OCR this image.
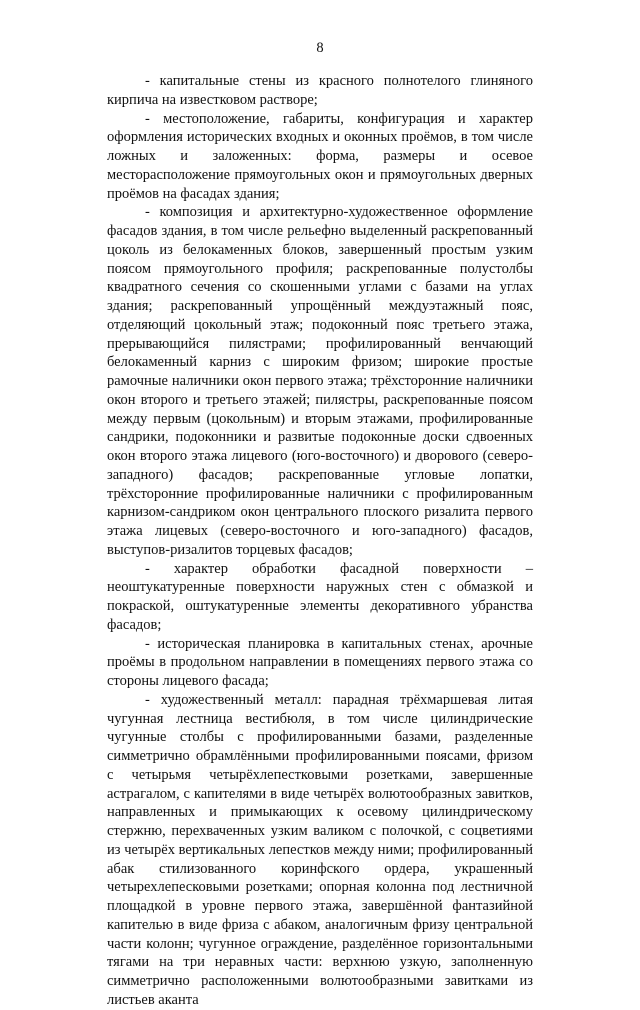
8

- капитальные стены из красного полнотелого глиняного кирпича на известковом растворе;

- местоположение, габариты, конфигурация и характер оформления исторических входных и оконных проёмов, в том числе ложных и заложенных: форма, размеры и осевое месторасположение прямоугольных окон и прямоугольных дверных проёмов на фасадах здания;

- композиция и архитектурно-художественное оформление фасадов здания, в том числе рельефно выделенный раскрепованный цоколь из белокаменных блоков, завершенный простым узким поясом прямоугольного профиля; раскрепованные полустолбы квадратного сечения со скошенными углами с базами на углах здания; раскрепованный упрощённый междуэтажный пояс, отделяющий цокольный этаж; подоконный пояс третьего этажа, прерывающийся пилястрами; профилированный венчающий белокаменный карниз с широким фризом; широкие простые рамочные наличники окон первого этажа; трёхсторонние наличники окон второго и третьего этажей; пилястры, раскрепованные поясом между первым (цокольным) и вторым этажами, профилированные сандрики, подоконники и развитые подоконные доски сдвоенных окон второго этажа лицевого (юго-восточного) и дворового (северо-западного) фасадов; раскрепованные угловые лопатки, трёхсторонние профилированные наличники с профилированным карнизом-сандриком окон центрального плоского ризалита первого этажа лицевых (северо-восточного и юго-западного) фасадов, выступов-ризалитов торцевых фасадов;

- характер обработки фасадной поверхности – неоштукатуренные поверхности наружных стен с обмазкой и покраской, оштукатуренные элементы декоративного убранства фасадов;

- историческая планировка в капитальных стенах, арочные проёмы в продольном направлении в помещениях первого этажа со стороны лицевого фасада;

- художественный металл: парадная трёхмаршевая литая чугунная лестница вестибюля, в том числе цилиндрические чугунные столбы с профилированными базами, разделенные симметрично обрамлёнными профилированными поясами, фризом с четырьмя четырёхлепестковыми розетками, завершенные астрагалом, с капителями в виде четырёх волютообразных завитков, направленных и примыкающих к осевому цилиндрическому стержню, перехваченных узким валиком с полочкой, с соцветиями из четырёх вертикальных лепестков между ними; профилированный абак стилизованного коринфского ордера, украшенный четырехлепесковыми розетками; опорная колонна под лестничной площадкой в уровне первого этажа, завершённой фантазийной капителью в виде фриза с абаком, аналогичным фризу центральной части колонн; чугунное ограждение, разделённое горизонтальными тягами на три неравных части: верхнюю узкую, заполненную симметрично расположенными волютообразными завитками из листьев аканта
